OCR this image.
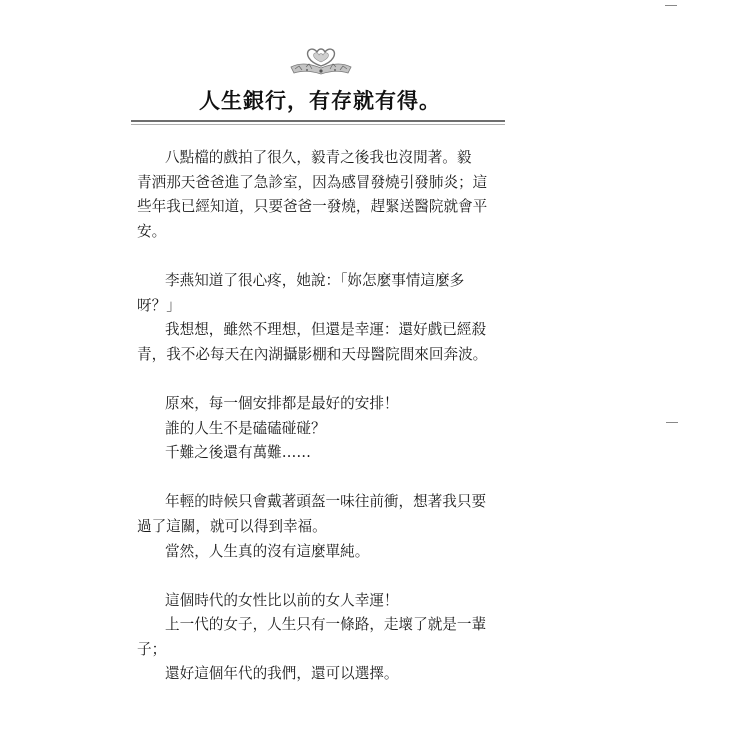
人生銀行，有存就有得。
八點檔的戲拍了很久，毅青之後我也沒閒著。毅
青洒那天爸爸進了急診室，因為感冒發燒引發肺炎；這
些年我已經知道，只要爸爸一發燒，趕緊送醫院就會平
安。
李燕知道了很心疼，她說：「妳怎麼事情這麼多
呀？」
我想想，雖然不理想，但還是幸運：還好戲已經殺
青，我不必每天在內湖攝影棚和天母醫院間來回奔波。
原來，每一個安排都是最好的安排！
誰的人生不是磕磕碰碰？
千難之後還有萬難……
年輕的時候只會戴著頭盔一味往前衝，想著我只要
過了這關，就可以得到幸福。
當然，人生真的沒有這麼單純。
這個時代的女性比以前的女人幸運！
上一代的女子，人生只有一條路，走壞了就是一輩
子；
還好這個年代的我們，還可以選擇。
